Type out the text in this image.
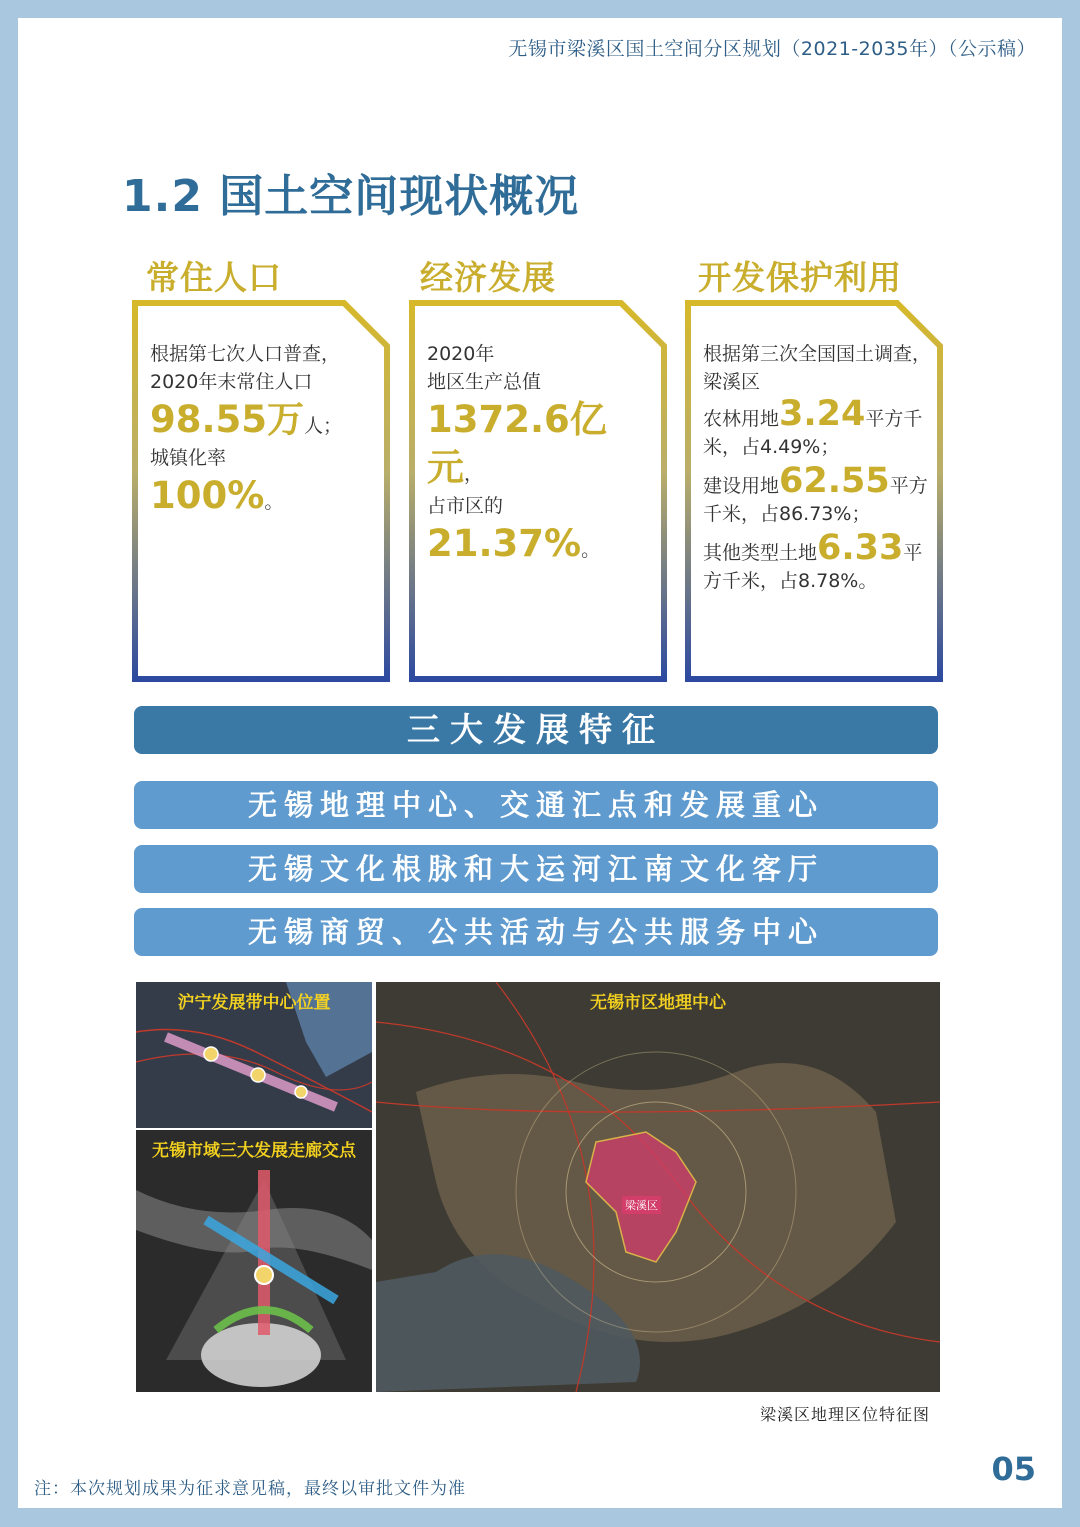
无锡市梁溪区国土空间分区规划（2021-2035年）（公示稿）
1.2 国土空间现状概况
常住人口	经济发展	开发保护利用
根据第七次人口普查，2020年末常住人口
98.55万人；
城镇化率
100%。
2020年
地区生产总值
1372.6亿元，
占市区的
21.37%。
根据第三次全国国土调查，梁溪区
农林用地3.24平方千米，占4.49%；
建设用地62.55平方千米，占86.73%；
其他类型土地6.33平方千米，占8.78%。
三大发展特征
无锡地理中心、交通汇点和发展重心
无锡文化根脉和大运河江南文化客厅
无锡商贸、公共活动与公共服务中心
沪宁发展带中心位置
无锡市域三大发展走廊交点
无锡市区地理中心
梁溪区
梁溪区地理区位特征图
注：本次规划成果为征求意见稿，最终以审批文件为准
05
